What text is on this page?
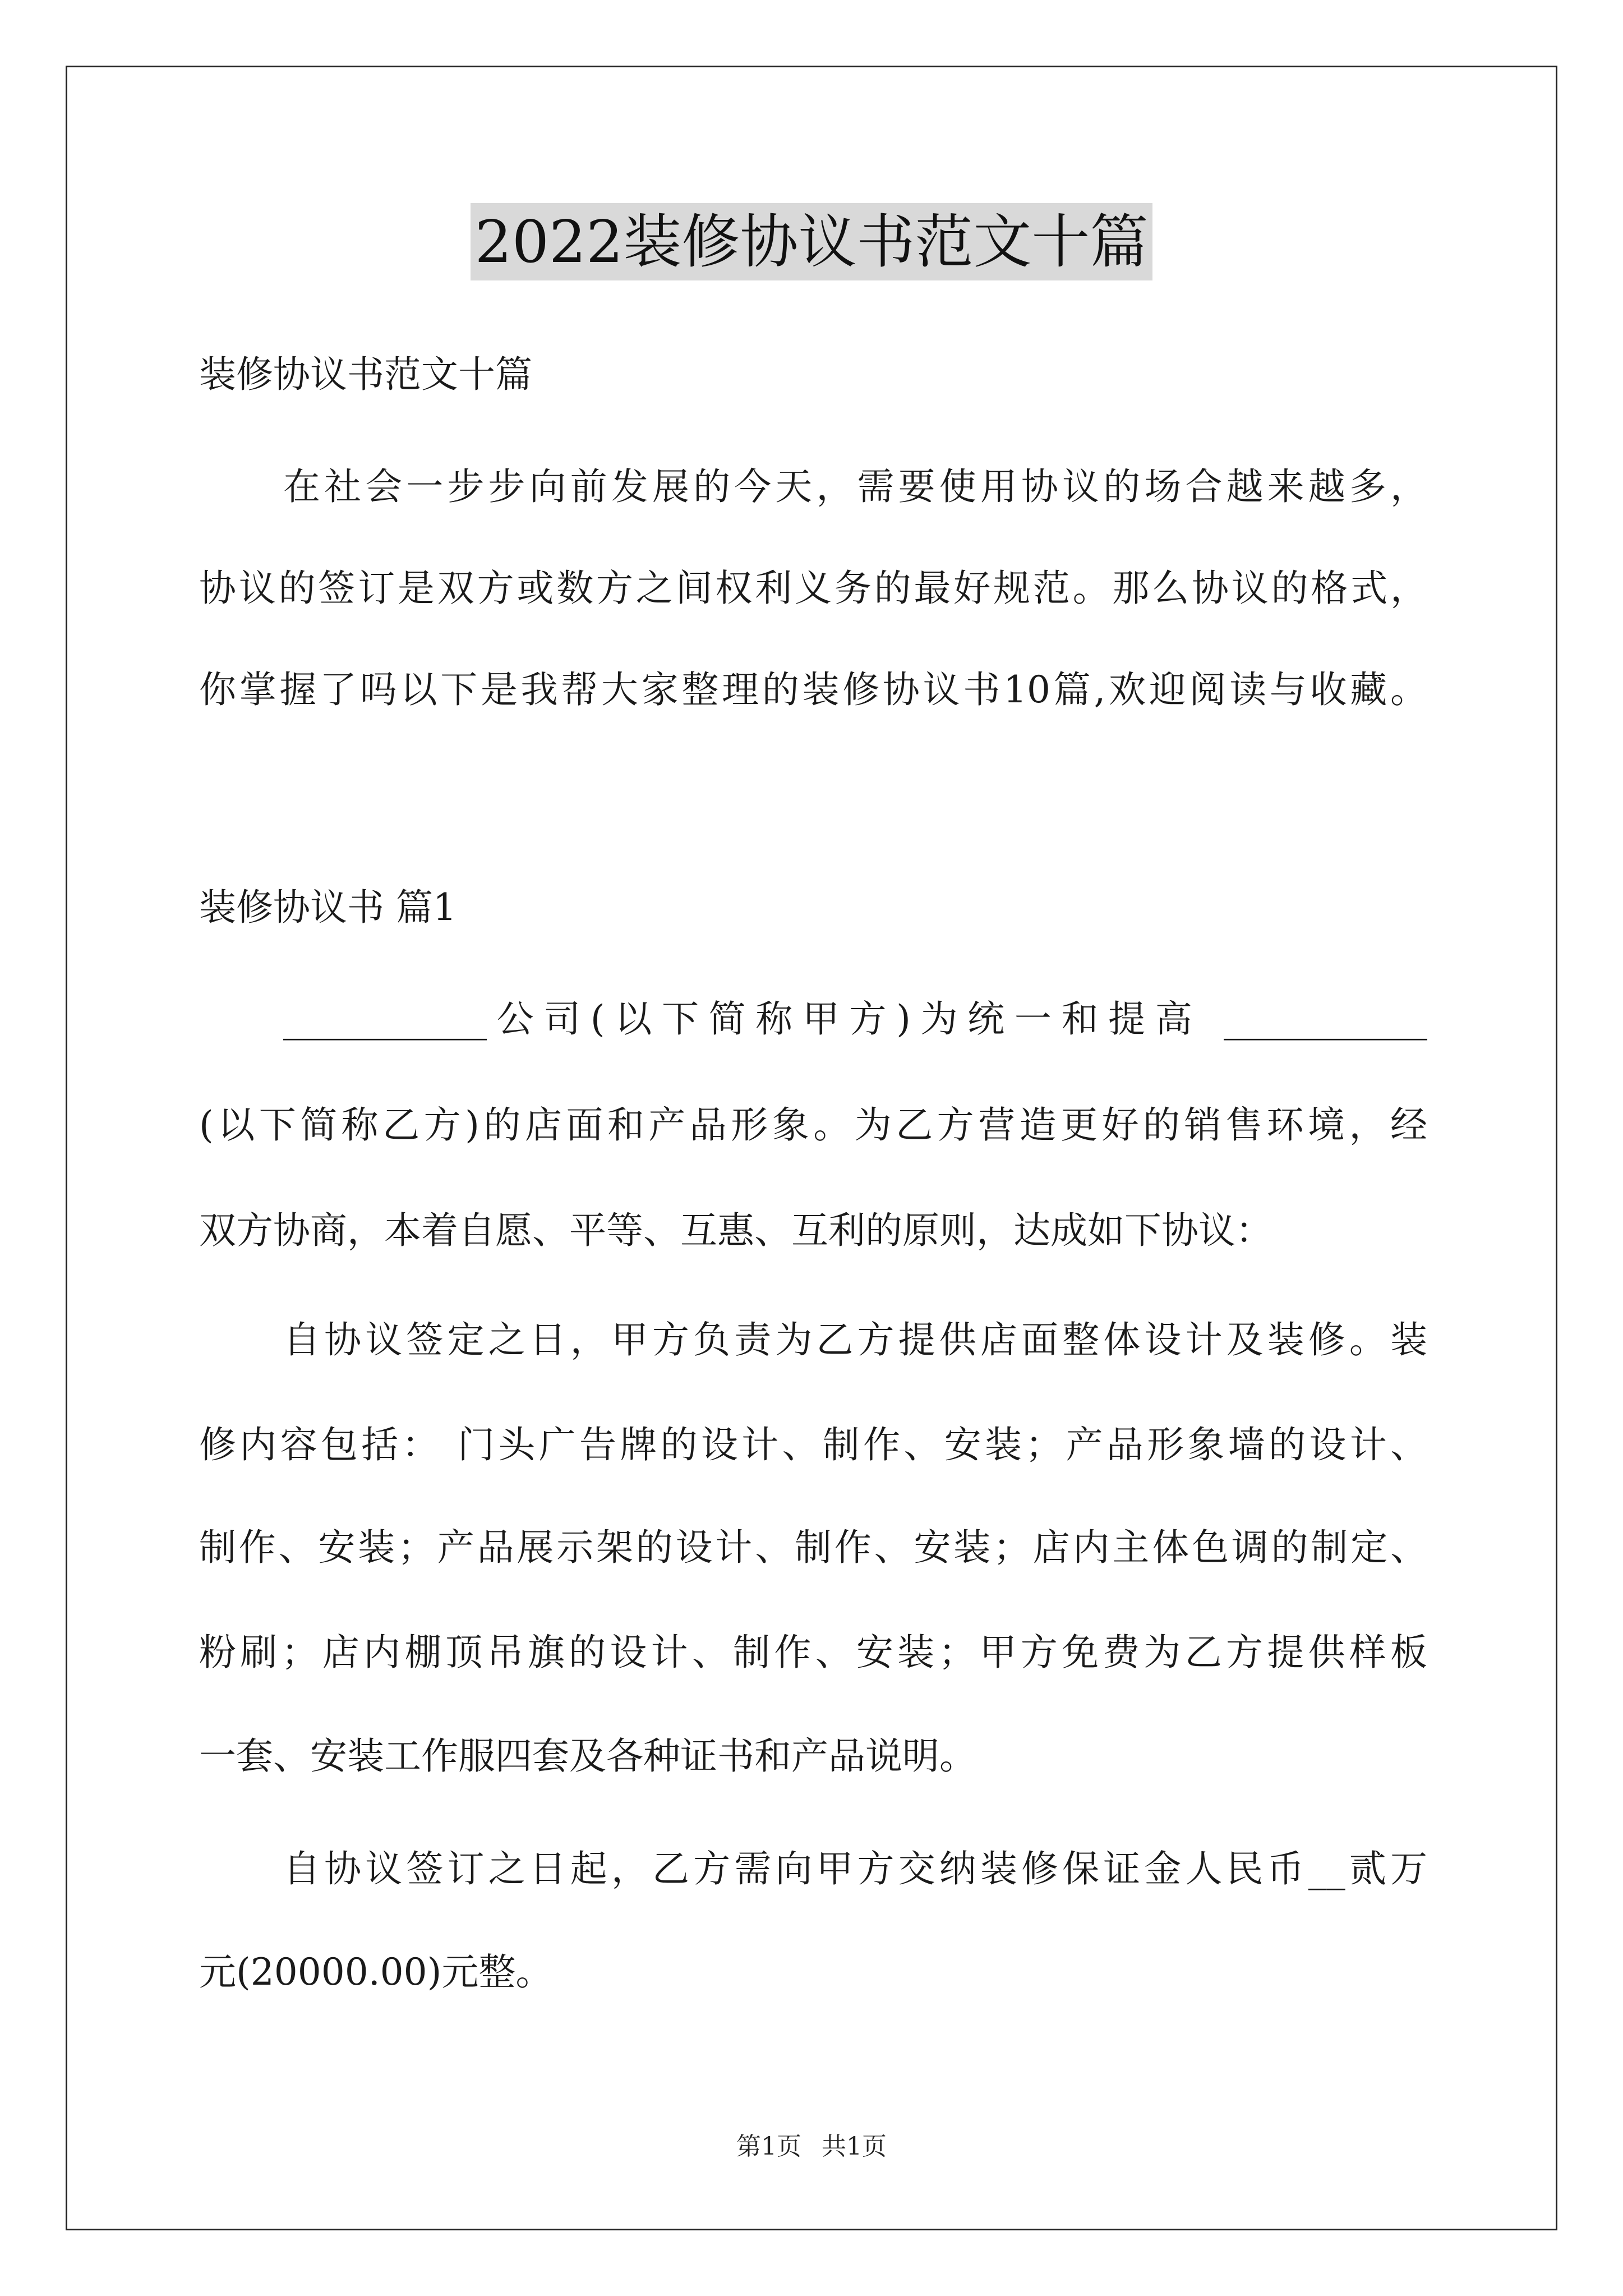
2022装修协议书范文十篇
装修协议书范文十篇
在社会一步步向前发展的今天，需要使用协议的场合越来越多，
协议的签订是双方或数方之间权利义务的最好规范。那么协议的格式，
你掌握了吗以下是我帮大家整理的装修协议书10篇,欢迎阅读与收藏。
装修协议书 篇1
___________公司(以下简称甲方)为统一和提高 ___________
(以下简称乙方)的店面和产品形象。为乙方营造更好的销售环境，经
双方协商，本着自愿、平等、互惠、互利的原则，达成如下协议：
自协议签定之日，甲方负责为乙方提供店面整体设计及装修。装
修内容包括： 门头广告牌的设计、制作、安装；产品形象墙的设计、
制作、安装；产品展示架的设计、制作、安装；店内主体色调的制定、
粉刷；店内棚顶吊旗的设计、制作、安装；甲方免费为乙方提供样板
一套、安装工作服四套及各种证书和产品说明。
自协议签订之日起，乙方需向甲方交纳装修保证金人民币__贰万
元(20000.00)元整。
第1页 共1页
